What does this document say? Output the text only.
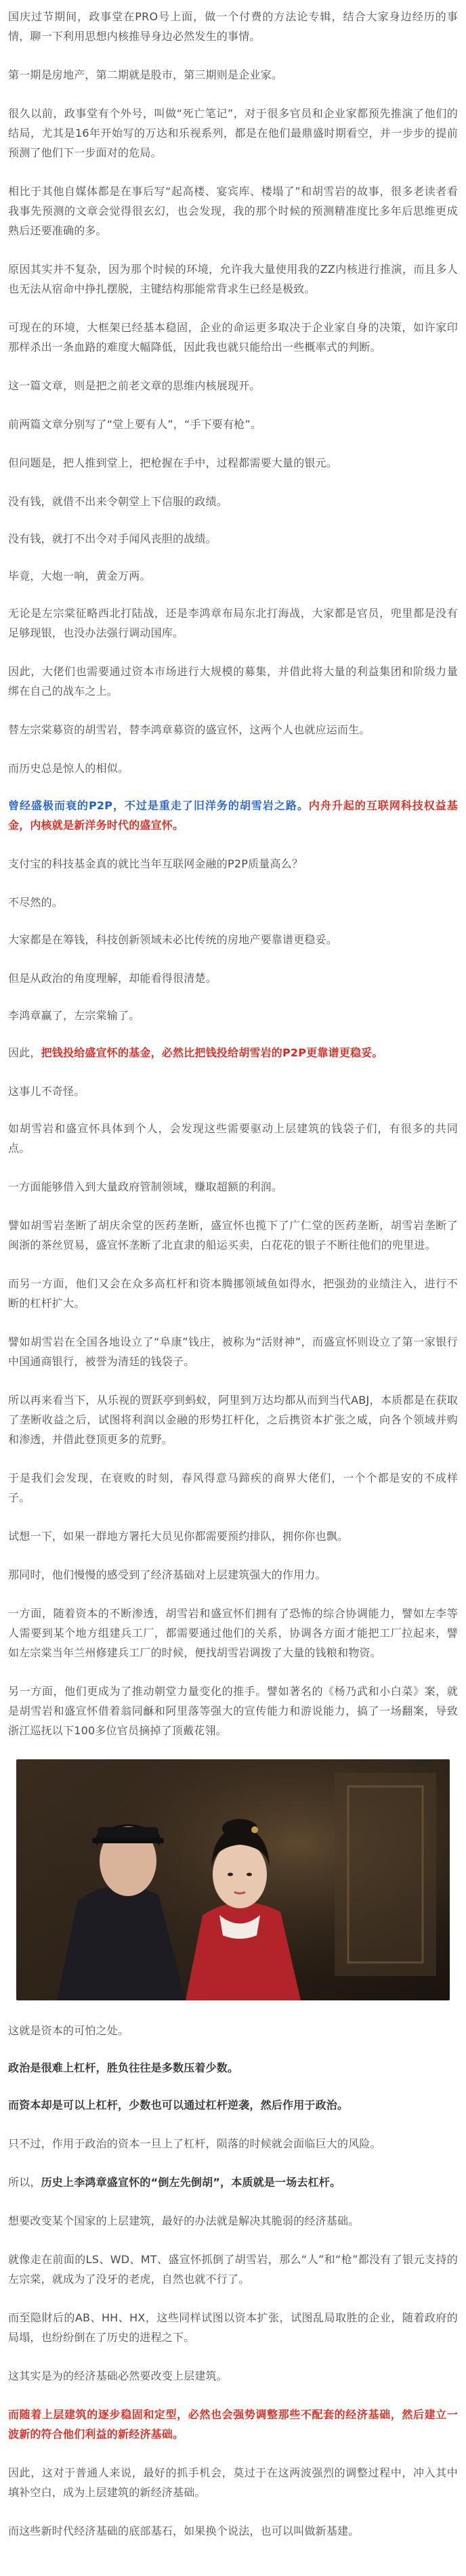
国庆过节期间，政事堂在PRO号上面，做一个付费的方法论专辑，结合大家身边经历的事情，聊一下利用思想内核推导身边必然发生的事情。

第一期是房地产，第二期就是股市，第三期则是企业家。

很久以前，政事堂有个外号，叫做“死亡笔记”，对于很多官员和企业家都预先推演了他们的结局，尤其是16年开始写的万达和乐视系列，都是在他们最鼎盛时期看空，并一步步的提前预测了他们下一步面对的危局。

相比于其他自媒体都是在事后写“起高楼、宴宾库、楼塌了”和胡雪岩的故事，很多老读者看我事先预测的文章会觉得很玄幻，也会发现，我的那个时候的预测精准度比多年后思维更成熟后还要准确的多。

原因其实并不复杂，因为那个时候的环境，允许我大量使用我的ZZ内核进行推演，而且多人也无法从宿命中挣扎摆脱，主键结构那能常背求生已经是极致。

可现在的环境，大框架已经基本稳固，企业的命运更多取决于企业家自身的决策，如许家印那样杀出一条血路的难度大幅降低，因此我也就只能给出一些概率式的判断。

这一篇文章，则是把之前老文章的思维内核展现开。

前两篇文章分别写了“堂上要有人”，“手下要有枪”。

但问题是，把人推到堂上，把枪握在手中，过程都需要大量的银元。

没有钱，就借不出来令朝堂上下信服的政绩。

没有钱，就打不出令对手闻风丧胆的战绩。

毕竟，大炮一响，黄金万两。

无论是左宗棠征略西北打陆战，还是李鸿章布局东北打海战，大家都是官员，兜里都是没有足够现银，也没办法强行调动国库。

因此，大佬们也需要通过资本市场进行大规模的募集，并借此将大量的利益集团和阶级力量绑在自己的战车之上。

替左宗棠募资的胡雪岩，替李鸿章募资的盛宣怀，这两个人也就应运而生。

而历史总是惊人的相似。

曾经盛极而衰的P2P，不过是重走了旧洋务的胡雪岩之路。内舟升起的互联网科技权益基金，内核就是新洋务时代的盛宣怀。

支付宝的科技基金真的就比当年互联网金融的P2P质量高么？

不尽然的。

大家都是在筹钱，科技创新领域未必比传统的房地产要靠谱更稳妥。

但是从政治的角度理解，却能看得很清楚。

李鸿章赢了，左宗棠输了。

因此，把钱投给盛宣怀的基金，必然比把钱投给胡雪岩的P2P更靠谱更稳妥。

这事儿不奇怪。

如胡雪岩和盛宣怀具体到个人，会发现这些需要驱动上层建筑的钱袋子们，有很多的共同点。

一方面能够借入到大量政府管制领域，赚取超额的利润。

譬如胡雪岩垄断了胡庆余堂的医药垄断，盛宣怀也揽下了广仁堂的医药垄断，胡雪岩垄断了闽浙的茶丝贸易，盛宣怀垄断了北直隶的船运买卖，白花花的银子不断往他们的兜里进。

而另一方面，他们又会在众多高杠杆和资本腾挪领域鱼如得水，把强劲的业绩注入，进行不断的杠杆扩大。

譬如胡雪岩在全国各地设立了“阜康”钱庄，被称为“活财神”，而盛宣怀则设立了第一家银行中国通商银行，被誉为清廷的钱袋子。

所以再来看当下，从乐视的贾跃亭到蚂蚁，阿里到万达均都从而到当代ABJ，本质都是在获取了垄断收益之后，试图将利润以金融的形势扛杆化，之后携资本扩张之威，向各个领域并购和渗透，并借此登顶更多的荒野。

于是我们会发现，在衰败的时刻，春风得意马蹄疾的商界大佬们，一个个都是安的不成样子。

试想一下，如果一群地方署托大员见你都需要预约排队，拥你你也飘。

那同时，他们慢慢的感受到了经济基础对上层建筑强大的作用力。

一方面，随着资本的不断渗透，胡雪岩和盛宣怀们拥有了恐怖的综合协调能力，譬如左李等人需要到某个地方组建兵工厂，都需要通过他们的关系，协调各方面才能把工厂拉起来，譬如左宗棠当年兰州修建兵工厂的时候，便找胡雪岩调拨了大量的钱粮和物资。

另一方面，他们更成为了推动朝堂力量变化的推手。譬如著名的《杨乃武和小白菜》案，就是胡雪岩和盛宣怀借着翁同龢和阿里落等强大的宣传能力和游说能力，搞了一场翻案，导致浙江巡抚以下100多位官员摘掉了顶戴花翎。

这就是资本的可怕之处。

政治是很难上杠杆，胜负往往是多数压着少数。

而资本却是可以上杠杆，少数也可以通过杠杆逆袭，然后作用于政治。

只不过，作用于政治的资本一旦上了杠杆，陨落的时候就会面临巨大的风险。

所以，历史上李鸿章盛宣怀的“倒左先倒胡”，本质就是一场去杠杆。

想要改变某个国家的上层建筑，最好的办法就是解决其脆弱的经济基础。

就像走在前面的LS、WD、MT、盛宣怀抓倒了胡雪岩，那么“人”和“枪”都没有了银元支持的左宗棠，就成为了没牙的老虎，自然也就不行了。

而至隐財后的AB、HH、HX，这些同样试图以资本扩张，试图乱局取胜的企业，随着政府的局塌，也纷纷倒在了历史的进程之下。

这其实是为的经济基础必然要改变上层建筑。

而随着上层建筑的逐步稳固和定型，必然也会强势调整那些不配套的经济基础，然后建立一波新的符合他们利益的新经济基础。

因此，这对于普通人来说，最好的抓手机会，莫过于在这两波强烈的调整过程中，冲入其中填补空白，成为上层建筑的新经济基础。

而这些新时代经济基础的底部基石，如果换个说法，也可以叫做新基建。
